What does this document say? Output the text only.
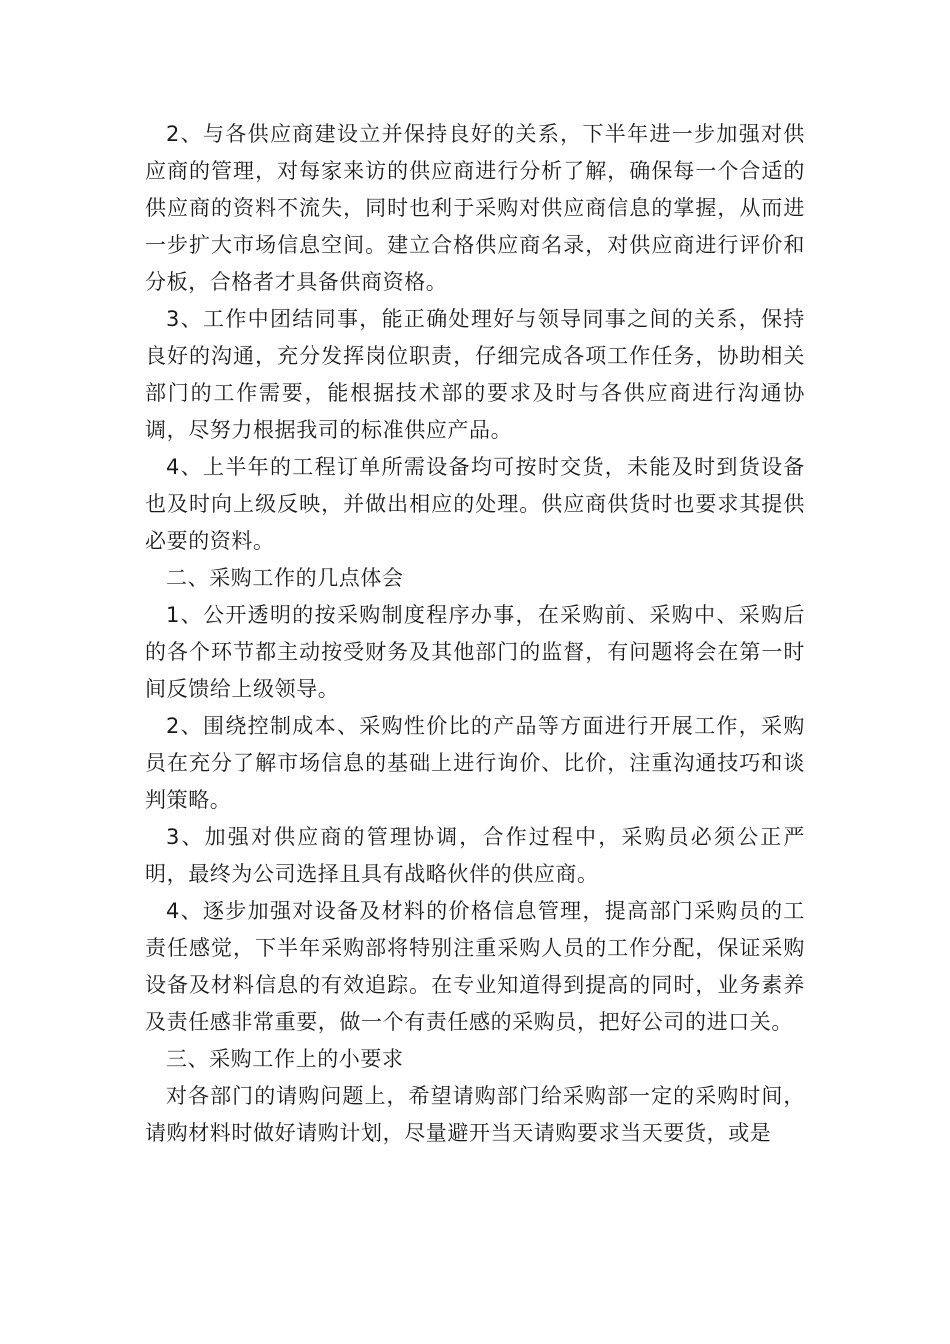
2、与各供应商建设立并保持良好的关系，下半年进一步加强对供应商的管理，对每家来访的供应商进行分析了解，确保每一个合适的供应商的资料不流失，同时也利于采购对供应商信息的掌握，从而进一步扩大市场信息空间。建立合格供应商名录，对供应商进行评价和分板，合格者才具备供商资格。

3、工作中团结同事，能正确处理好与领导同事之间的关系，保持良好的沟通，充分发挥岗位职责，仔细完成各项工作任务，协助相关部门的工作需要，能根据技术部的要求及时与各供应商进行沟通协调，尽努力根据我司的标准供应产品。

4、上半年的工程订单所需设备均可按时交货，未能及时到货设备也及时向上级反映，并做出相应的处理。供应商供货时也要求其提供必要的资料。

二、采购工作的几点体会

1、公开透明的按采购制度程序办事，在采购前、采购中、采购后的各个环节都主动按受财务及其他部门的监督，有问题将会在第一时间反馈给上级领导。

2、围绕控制成本、采购性价比的产品等方面进行开展工作，采购员在充分了解市场信息的基础上进行询价、比价，注重沟通技巧和谈判策略。

3、加强对供应商的管理协调，合作过程中，采购员必须公正严明，最终为公司选择且具有战略伙伴的供应商。

4、逐步加强对设备及材料的价格信息管理，提高部门采购员的工责任感觉，下半年采购部将特别注重采购人员的工作分配，保证采购设备及材料信息的有效追踪。在专业知道得到提高的同时，业务素养及责任感非常重要，做一个有责任感的采购员，把好公司的进口关。

三、采购工作上的小要求

对各部门的请购问题上，希望请购部门给采购部一定的采购时间，请购材料时做好请购计划，尽量避开当天请购要求当天要货，或是
